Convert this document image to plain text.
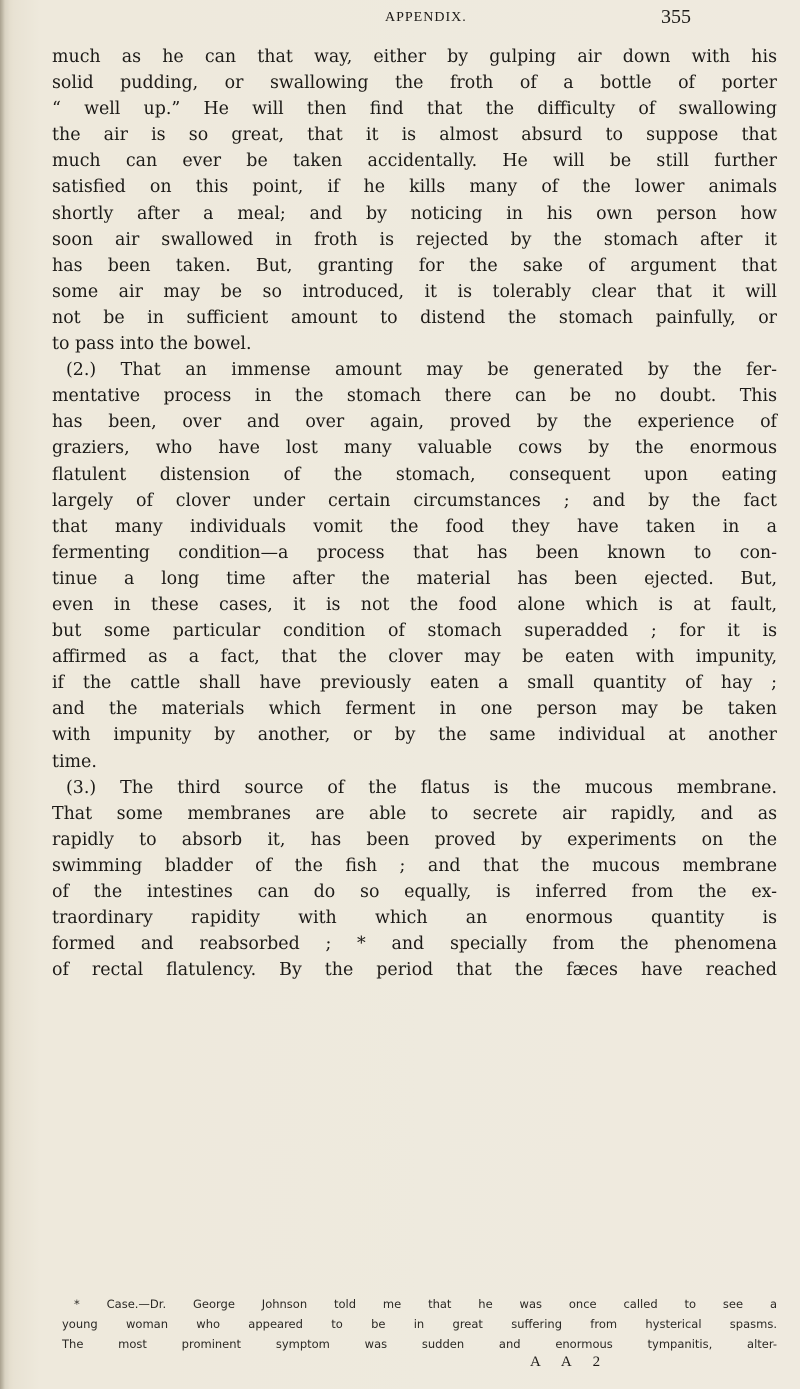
APPENDIX.	355
much as he can that way, either by gulping air down with his
solid pudding, or swallowing the froth of a bottle of porter
“ well up.” He will then find that the difficulty of swallowing
the air is so great, that it is almost absurd to suppose that
much can ever be taken accidentally. He will be still further
satisfied on this point, if he kills many of the lower animals
shortly after a meal; and by noticing in his own person how
soon air swallowed in froth is rejected by the stomach after it
has been taken. But, granting for the sake of argument that
some air may be so introduced, it is tolerably clear that it will
not be in sufficient amount to distend the stomach painfully, or
to pass into the bowel.
(2.) That an immense amount may be generated by the fer-
mentative process in the stomach there can be no doubt. This
has been, over and over again, proved by the experience of
graziers, who have lost many valuable cows by the enormous
flatulent distension of the stomach, consequent upon eating
largely of clover under certain circumstances ; and by the fact
that many individuals vomit the food they have taken in a
fermenting condition—a process that has been known to con-
tinue a long time after the material has been ejected. But,
even in these cases, it is not the food alone which is at fault,
but some particular condition of stomach superadded ; for it is
affirmed as a fact, that the clover may be eaten with impunity,
if the cattle shall have previously eaten a small quantity of hay ;
and the materials which ferment in one person may be taken
with impunity by another, or by the same individual at another
time.
(3.) The third source of the flatus is the mucous membrane.
That some membranes are able to secrete air rapidly, and as
rapidly to absorb it, has been proved by experiments on the
swimming bladder of the fish ; and that the mucous membrane
of the intestines can do so equally, is inferred from the ex-
traordinary rapidity with which an enormous quantity is
formed and reabsorbed ; * and specially from the phenomena
of rectal flatulency. By the period that the fæces have reached
* Case.—Dr. George Johnson told me that he was once called to see a
young woman who appeared to be in great suffering from hysterical spasms.
The most prominent symptom was sudden and enormous tympanitis, alter-
A A 2
